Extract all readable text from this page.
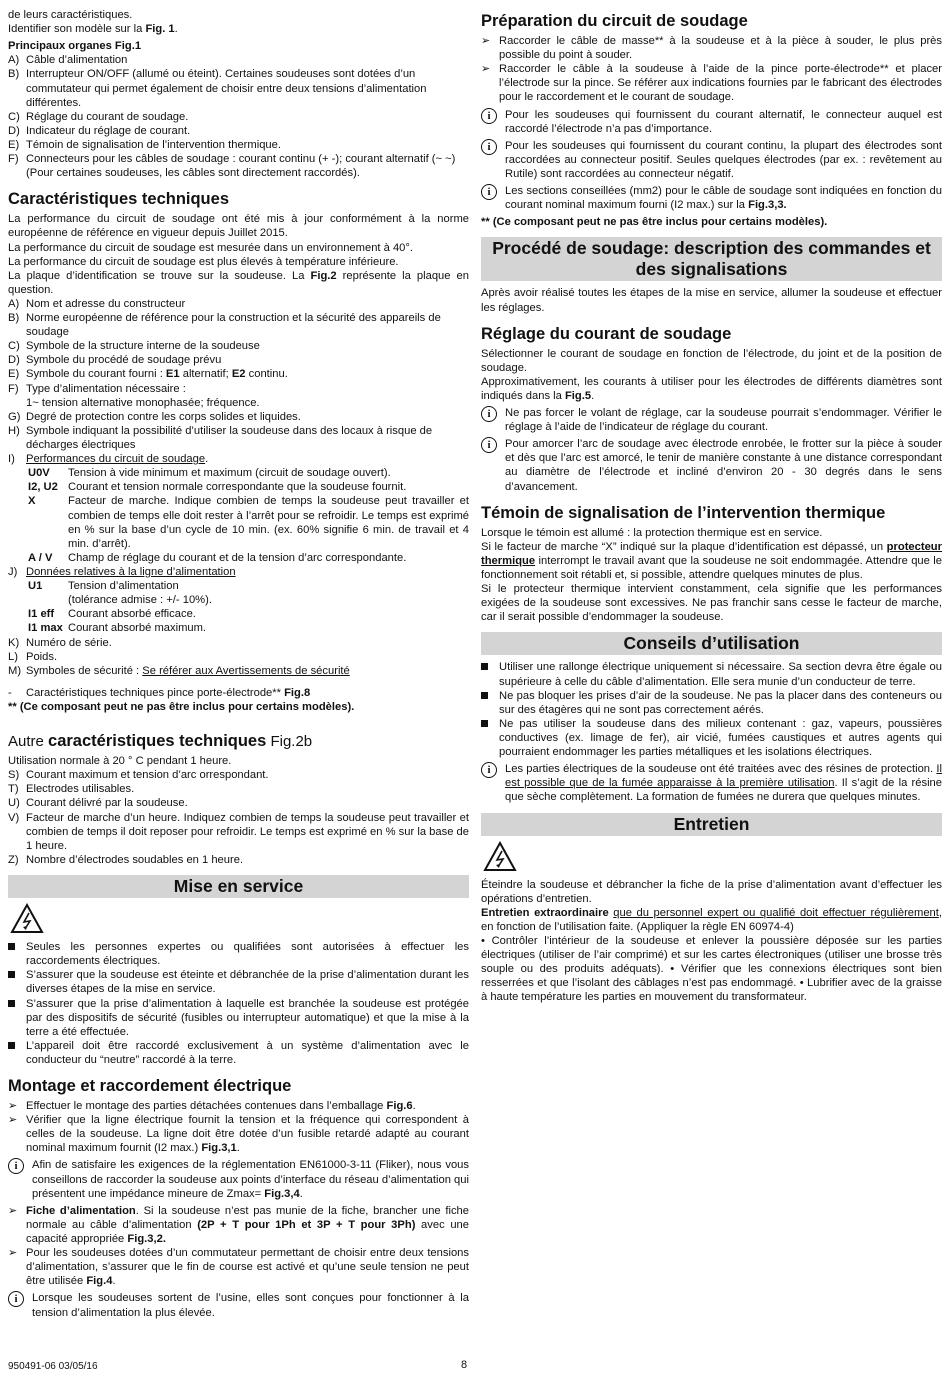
de leurs caractéristiques.

Identifier son modèle sur la Fig. 1.

Principaux organes Fig.1

A) Câble d’alimentation
B) Interrupteur ON/OFF (allumé ou éteint). Certaines soudeuses sont dotées d’un commutateur qui permet également de choisir entre deux tensions d’alimentation différentes.
C) Réglage du courant de soudage.
D) Indicateur du réglage de courant.
E) Témoin de signalisation de l’intervention thermique.
F) Connecteurs pour les câbles de soudage : courant continu (+ -); courant alternatif (~ ~) (Pour certaines soudeuses, les câbles sont directement raccordés).
Caractéristiques techniques

La performance du circuit de soudage ont été mis à jour conformément à la norme européenne de référence en vigueur depuis Juillet 2015.

La performance du circuit de soudage est mesurée dans un environnement à 40°.

La performance du circuit de soudage est plus élevés à température inférieure.

La plaque d’identification se trouve sur la soudeuse. La Fig.2 représente la plaque en question.

A) Nom et adresse du constructeur
B) Norme européenne de référence pour la construction et la sécurité des appareils de soudage
C) Symbole de la structure interne de la soudeuse
D) Symbole du procédé de soudage prévu
E) Symbole du courant fourni : E1 alternatif; E2 continu.
F) Type d’alimentation nécessaire :
1~ tension alternative monophasée; fréquence.
G) Degré de protection contre les corps solides et liquides.
H) Symbole indiquant la possibilité d’utiliser la soudeuse dans des locaux à risque de décharges électriques
I) Performances du circuit de soudage.
U0V	Tension à vide minimum et maximum (circuit de soudage ouvert).
I2, U2 Courant et tension normale correspondante que la soudeuse fournit.
X	Facteur de marche. Indique combien de temps la soudeuse peut travailler et combien de temps elle doit rester à l’arrêt pour se refroidir. Le temps est exprimé en % sur la base d’un cycle de 10 min. (ex. 60% signifie 6 min. de travail et 4 min. d’arrêt).
A / V	Champ de réglage du courant et de la tension d’arc correspondante.
J) Données relatives à la ligne d’alimentation
U1	Tension d’alimentation
(tolérance admise : +/- 10%).
I1 eff	Courant absorbé efficace.
I1 max Courant absorbé maximum.
K) Numéro de série.
L) Poids.
M) Symboles de sécurité : Se référer aux Avertissements de sécurité
-	Caractéristiques techniques pince porte-électrode** Fig.8

** (Ce composant peut ne pas être inclus pour certains modèles).

Autre caractéristiques techniques Fig.2b

Utilisation normale à 20 ° C pendant 1 heure.

S) Courant maximum et tension d’arc orrespondant.
T) Electrodes utilisables.
U) Courant délivré par la soudeuse.
V) Facteur de marche d’un heure. Indiquez combien de temps la soudeuse peut travailler et combien de temps il doit reposer pour refroidir. Le temps est exprimé en % sur la base de 1 heure.
Z) Nombre d’électrodes soudables en 1 heure.
Mise en service
Seules les personnes expertes ou qualifiées sont autorisées à effectuer les raccordements électriques.
S’assurer que la soudeuse est éteinte et débranchée de la prise d’alimentation durant les diverses étapes de la mise en service.
S’assurer que la prise d’alimentation à laquelle est branchée la soudeuse est protégée par des dispositifs de sécurité (fusibles ou interrupteur automatique) et que la mise à la terre a été effectuée.
L’appareil doit être raccordé exclusivement à un système d’alimentation avec le conducteur du “neutre” raccordé à la terre.
Montage et raccordement électrique
➢ Effectuer le montage des parties détachées contenues dans l’emballage Fig.6.
➢ Vérifier que la ligne électrique fournit la tension et la fréquence qui correspondent à celles de la soudeuse. La ligne doit être dotée d’un fusible retardé adapté au courant nominal maximum fournit (I2 max.) Fig.3,1.
i	Afin de satisfaire les exigences de la réglementation EN61000-3-11 (Fliker), nous vous conseillons de raccorder la soudeuse aux points d’interface du réseau d’alimentation qui présentent une impédance mineure de Zmax= Fig.3,4.
➢ Fiche d’alimentation. Si la soudeuse n’est pas munie de la fiche, brancher une fiche normale au câble d’alimentation (2P + T pour 1Ph et 3P + T pour 3Ph) avec une capacité appropriée Fig.3,2.
➢ Pour les soudeuses dotées d’un commutateur permettant de choisir entre deux tensions d’alimentation, s’assurer que le fin de course est activé et qu’une seule tension ne peut être utilisée Fig.4.
i	Lorsque les soudeuses sortent de l’usine, elles sont conçues pour fonctionner à la tension d’alimentation la plus élevée.
Préparation du circuit de soudage
➢ Raccorder le câble de masse** à la soudeuse et à la pièce à souder, le plus près possible du point à souder.
➢ Raccorder le câble à la soudeuse à l’aide de la pince porte-électrode** et placer l’électrode sur la pince. Se référer aux indications fournies par le fabricant des électrodes pour le raccordement et le courant de soudage.
i	Pour les soudeuses qui fournissent du courant alternatif, le connecteur auquel est raccordé l’électrode n’a pas d’importance.
i	Pour les soudeuses qui fournissent du courant continu, la plupart des électrodes sont raccordées au connecteur positif. Seules quelques électrodes (par ex. : revêtement au Rutile) sont raccordées au connecteur négatif.
i	Les sections conseillées (mm2) pour le câble de soudage sont indiquées en fonction du courant nominal maximum fourni (I2 max.) sur la Fig.3,3.

** (Ce composant peut ne pas être inclus pour certains modèles).

Procédé de soudage: description des commandes et des signalisations

Après avoir réalisé toutes les étapes de la mise en service, allumer la soudeuse et effectuer les réglages.

Réglage du courant de soudage

Sélectionner le courant de soudage en fonction de l’électrode, du joint et de la position de soudage.

Approximativement, les courants à utiliser pour les électrodes de différents diamètres sont indiqués dans la Fig.5.

i	Ne pas forcer le volant de réglage, car la soudeuse pourrait s’endommager. Vérifier le réglage à l’aide de l’indicateur de réglage du courant.
i	Pour amorcer l’arc de soudage avec électrode enrobée, le frotter sur la pièce à souder et dès que l’arc est amorcé, le tenir de manière constante à une distance correspondant au diamètre de l’électrode et incliné d’environ 20 - 30 degrés dans le sens d’avancement.
Témoin de signalisation de l’intervention thermique

Lorsque le témoin est allumé : la protection thermique est en service.

Si le facteur de marche “X” indiqué sur la plaque d’identification est dépassé, un protecteur thermique interrompt le travail avant que la soudeuse ne soit endommagée. Attendre que le fonctionnement soit rétabli et, si possible, attendre quelques minutes de plus.

Si le protecteur thermique intervient constamment, cela signifie que les performances exigées de la soudeuse sont excessives. Ne pas franchir sans cesse le facteur de marche, car il serait possible d’endommager la soudeuse.

Conseils d’utilisation
Utiliser une rallonge électrique uniquement si nécessaire. Sa section devra être égale ou supérieure à celle du câble d’alimentation. Elle sera munie d’un conducteur de terre.
Ne pas bloquer les prises d’air de la soudeuse. Ne pas la placer dans des conteneurs ou sur des étagères qui ne sont pas correctement aérés.
Ne pas utiliser la soudeuse dans des milieux contenant : gaz, vapeurs, poussières conductives (ex. limage de fer), air vicié, fumées caustiques et autres agents qui pourraient endommager les parties métalliques et les isolations électriques.
i	Les parties électriques de la soudeuse ont été traitées avec des résines de protection. Il est possible que de la fumée apparaisse à la première utilisation. Il s’agit de la résine que sèche complètement. La formation de fumées ne durera que quelques minutes.
Entretien

Éteindre la soudeuse et débrancher la fiche de la prise d’alimentation avant d’effectuer les opérations d’entretien.

Entretien extraordinaire que du personnel expert ou qualifié doit effectuer régulièrement, en fonction de l’utilisation faite. (Appliquer la règle EN 60974-4)

• Contrôler l’intérieur de la soudeuse et enlever la poussière déposée sur les parties électriques (utiliser de l’air comprimé) et sur les cartes électroniques (utiliser une brosse très souple ou des produits adéquats). • Vérifier que les connexions électriques sont bien resserrées et que l’isolant des câblages n’est pas endommagé. • Lubrifier avec de la graisse à haute température les parties en mouvement du transformateur.

950491-06 03/05/16	8
